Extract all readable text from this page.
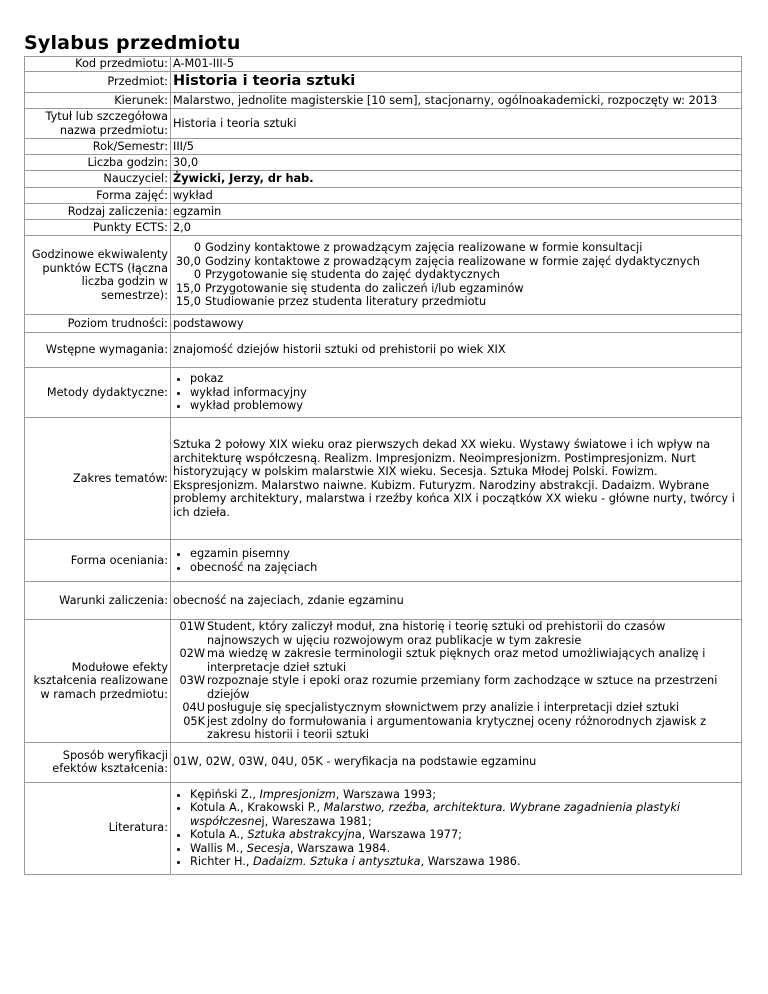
Sylabus przedmiotu
Kod przedmiotu:	A-M01-III-5
Przedmiot:	Historia i teoria sztuki
Kierunek:	Malarstwo, jednolite magisterskie [10 sem], stacjonarny, ogólnoakademicki, rozpoczęty w: 2013
Tytuł lub szczegółowa nazwa przedmiotu:	Historia i teoria sztuki
Rok/Semestr:	III/5
Liczba godzin:	30,0
Nauczyciel:	Żywicki, Jerzy, dr hab.
Forma zajęć:	wykład
Rodzaj zaliczenia:	egzamin
Punkty ECTS:	2,0
Godzinowe ekwiwalenty punktów ECTS (łączna liczba godzin w semestrze):	
0	Godziny kontaktowe z prowadzącym zajęcia realizowane w formie konsultacji
30,0	Godziny kontaktowe z prowadzącym zajęcia realizowane w formie zajęć dydaktycznych
0	Przygotowanie się studenta do zajęć dydaktycznych
15,0	Przygotowanie się studenta do zaliczeń i/lub egzaminów
15,0	Studiowanie przez studenta literatury przedmiotu

Poziom trudności:	podstawowy
Wstępne wymagania:	znajomość dziejów historii sztuki od prehistorii po wiek XIX
Metody dydaktyczne:	
• pokaz
• wykład informacyjny
• wykład problemowy

Zakres tematów:	Sztuka 2 połowy XIX wieku oraz pierwszych dekad XX wieku. Wystawy światowe i ich wpływ na architekturę współczesną. Realizm. Impresjonizm. Neoimpresjonizm. Postimpresjonizm. Nurt historyzujący w polskim malarstwie XIX wieku. Secesja. Sztuka Młodej Polski. Fowizm. Ekspresjonizm. Malarstwo naiwne. Kubizm. Futuryzm. Narodziny abstrakcji. Dadaizm. Wybrane problemy architektury, malarstwa i rzeźby końca XIX i początków XX wieku - główne nurty, twórcy i ich dzieła.
Forma oceniania:	
• egzamin pisemny
• obecność na zajęciach

Warunki zaliczenia:	obecność na zajeciach, zdanie egzaminu
Modułowe efekty kształcenia realizowane w ramach przedmiotu:	
01W	Student, który zaliczył moduł, zna historię i teorię sztuki od prehistorii do czasów najnowszych w ujęciu rozwojowym oraz publikacje w tym zakresie
02W	ma wiedzę w zakresie terminologii sztuk pięknych oraz metod umożliwiających analizę i interpretacje dzieł sztuki
03W	rozpoznaje style i epoki oraz rozumie przemiany form zachodzące w sztuce na przestrzeni dziejów
04U	posługuje się specjalistycznym słownictwem przy analizie i interpretacji dzieł sztuki
05K	jest zdolny do formułowania i argumentowania krytycznej oceny różnorodnych zjawisk z zakresu historii i teorii sztuki

Sposób weryfikacji efektów kształcenia:	01W, 02W, 03W, 04U, 05K - weryfikacja na podstawie egzaminu
Literatura:	
• Kępiński Z., Impresjonizm, Warszawa 1993;
• Kotula A., Krakowski P., Malarstwo, rzeźba, architektura. Wybrane zagadnienia plastyki współczesnej, Wareszawa 1981;
• Kotula A., Sztuka abstrakcyjna, Warszawa 1977;
• Wallis M., Secesja, Warszawa 1984.
• Richter H., Dadaizm. Sztuka i antysztuka, Warszawa 1986.
